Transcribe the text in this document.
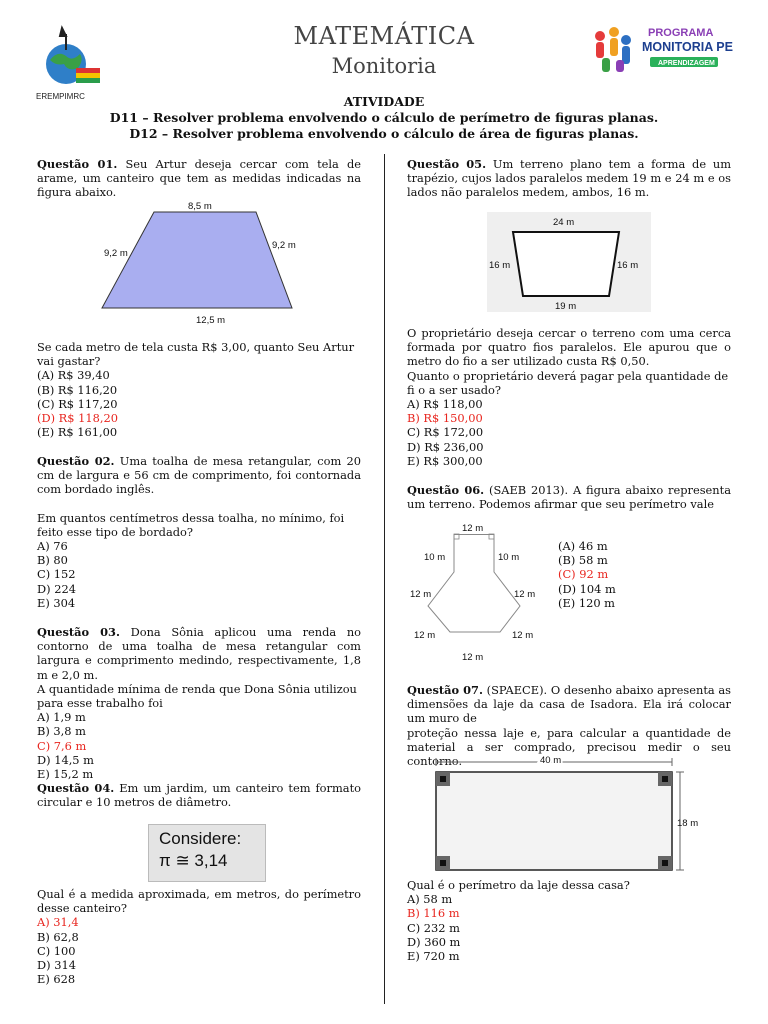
EREMPIMRC
MATEMÁTICA
Monitoria
PROGRAMA
MONITORIA PE
APRENDIZAGEM
ATIVIDADE
D11 – Resolver problema envolvendo o cálculo de perímetro de figuras planas.
D12 – Resolver problema envolvendo o cálculo de área de figuras planas.

Questão 01. Seu Artur deseja cercar com tela de arame, um canteiro que tem as medidas indicadas na figura abaixo.

8,5 m
9,2 m
9,2 m
12,5 m

Se cada metro de tela custa R$ 3,00, quanto Seu Artur vai gastar?

(A) R$ 39,40
(B) R$ 116,20
(C) R$ 117,20
(D) R$ 118,20
(E) R$ 161,00

Questão 02. Uma toalha de mesa retangular, com 20 cm de largura e 56 cm de comprimento, foi contornada com bordado inglês.

Em quantos centímetros dessa toalha, no mínimo, foi feito esse tipo de bordado?

A) 76
B) 80
C) 152
D) 224
E) 304

Questão 03. Dona Sônia aplicou uma renda no contorno de uma toalha de mesa retangular com largura e comprimento medindo, respectivamente, 1,8 m e 2,0 m.

A quantidade mínima de renda que Dona Sônia utilizou para esse trabalho foi

A) 1,9 m
B) 3,8 m
C) 7,6 m
D) 14,5 m
E) 15,2 m

Questão 04. Em um jardim, um canteiro tem formato circular e 10 metros de diâmetro.

Considere:
π ≅ 3,14

Qual é a medida aproximada, em metros, do perímetro desse canteiro?

A) 31,4
B) 62,8
C) 100
D) 314
E) 628

Questão 05. Um terreno plano tem a forma de um trapézio, cujos lados paralelos medem 19 m e 24 m e os lados não paralelos medem, ambos, 16 m.

24 m
16 m	16 m
19 m

O proprietário deseja cercar o terreno com uma cerca formada por quatro fios paralelos. Ele apurou que o metro do fio a ser utilizado custa R$ 0,50.

Quanto o proprietário deverá pagar pela quantidade de fi o a ser usado?

A) R$ 118,00
B) R$ 150,00
C) R$ 172,00
D) R$ 236,00
E) R$ 300,00

Questão 06. (SAEB 2013). A figura abaixo representa um terreno. Podemos afirmar que seu perímetro vale

12 m
10 m	10 m
12 m	12 m
12 m	12 m
12 m
(A) 46 m
(B) 58 m
(C) 92 m
(D) 104 m
(E) 120 m

Questão 07. (SPAECE). O desenho abaixo apresenta as dimensões da laje da casa de Isadora. Ela irá colocar um muro de

proteção nessa laje e, para calcular a quantidade de material a ser comprado, precisou medir o seu contorno.	40 m
18 m

Qual é o perímetro da laje dessa casa?

A) 58 m
B) 116 m
C) 232 m
D) 360 m
E) 720 m
